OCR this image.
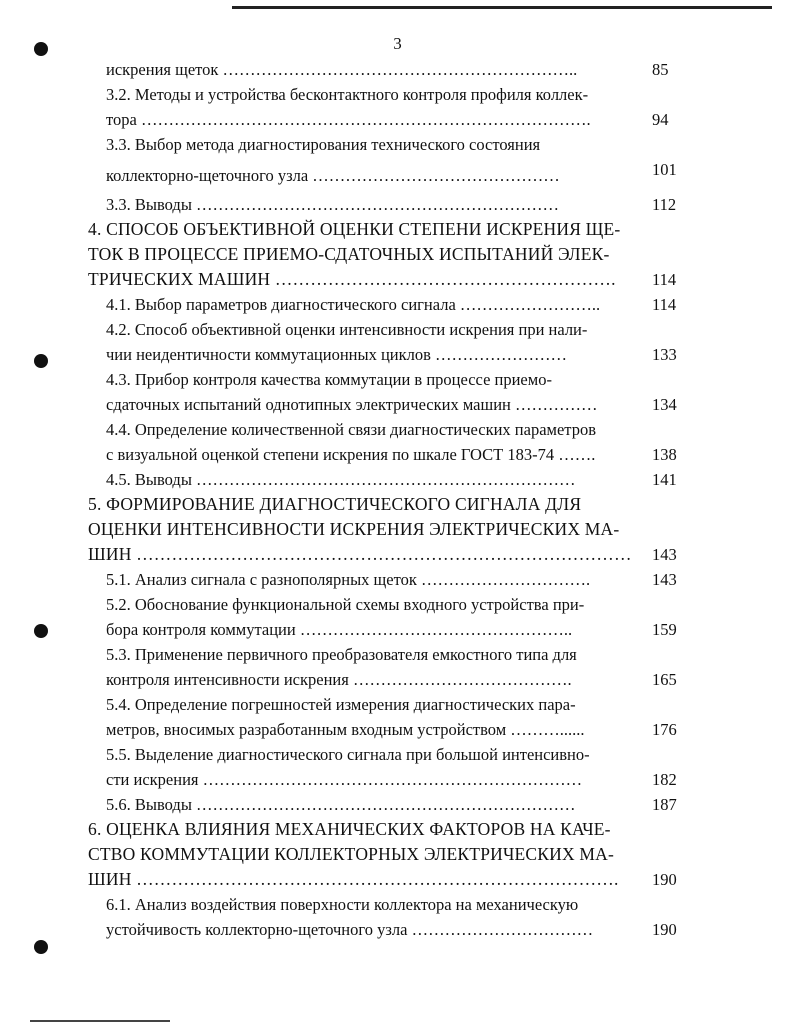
3
искрения щеток ………………………………………………………..	85
3.2. Методы и устройства бесконтактного контроля профиля коллек-
тора ……………………………………………………………………….	94
3.3. Выбор метода диагностирования технического состояния
коллекторно-щеточного узла ………………………………………	101
3.3. Выводы …………………………………………………………	112
4. СПОСОБ ОБЪЕКТИВНОЙ ОЦЕНКИ СТЕПЕНИ ИСКРЕНИЯ ЩЕ-
ТОК В ПРОЦЕССЕ ПРИЕМО-СДАТОЧНЫХ ИСПЫТАНИЙ ЭЛЕК-
ТРИЧЕСКИХ МАШИН ………………………………………………….	114
4.1. Выбор параметров диагностического сигнала ……………………..	114
4.2. Способ объективной оценки интенсивности искрения при нали-
чии неидентичности коммутационных циклов ……………………	133
4.3. Прибор контроля качества коммутации в процессе приемо-
сдаточных испытаний однотипных электрических машин ……………	134
4.4. Определение количественной связи диагностических параметров
с визуальной оценкой степени искрения по шкале ГОСТ 183-74 …….	138
4.5. Выводы ……………………………………………………………	141
5. ФОРМИРОВАНИЕ ДИАГНОСТИЧЕСКОГО СИГНАЛА ДЛЯ
ОЦЕНКИ ИНТЕНСИВНОСТИ ИСКРЕНИЯ ЭЛЕКТРИЧЕСКИХ МА-
ШИН …………………………………………………………………………	143
5.1. Анализ сигнала с разнополярных щеток ………………………….	143
5.2. Обоснование функциональной схемы входного устройства при-
бора контроля коммутации …………………………………………..	159
5.3. Применение первичного преобразователя емкостного типа для
контроля интенсивности искрения ………………………………….	165
5.4. Определение погрешностей измерения диагностических пара-
метров, вносимых разработанным входным устройством ………......	176
5.5. Выделение диагностического сигнала при большой интенсивно-
сти искрения ……………………………………………………………	182
5.6. Выводы ……………………………………………………………	187
6. ОЦЕНКА ВЛИЯНИЯ МЕХАНИЧЕСКИХ ФАКТОРОВ НА КАЧЕ-
СТВО КОММУТАЦИИ КОЛЛЕКТОРНЫХ ЭЛЕКТРИЧЕСКИХ МА-
ШИН ……………………………………………………………………….	190
6.1. Анализ воздействия поверхности коллектора на механическую
устойчивость коллекторно-щеточного узла ……………………………	190
